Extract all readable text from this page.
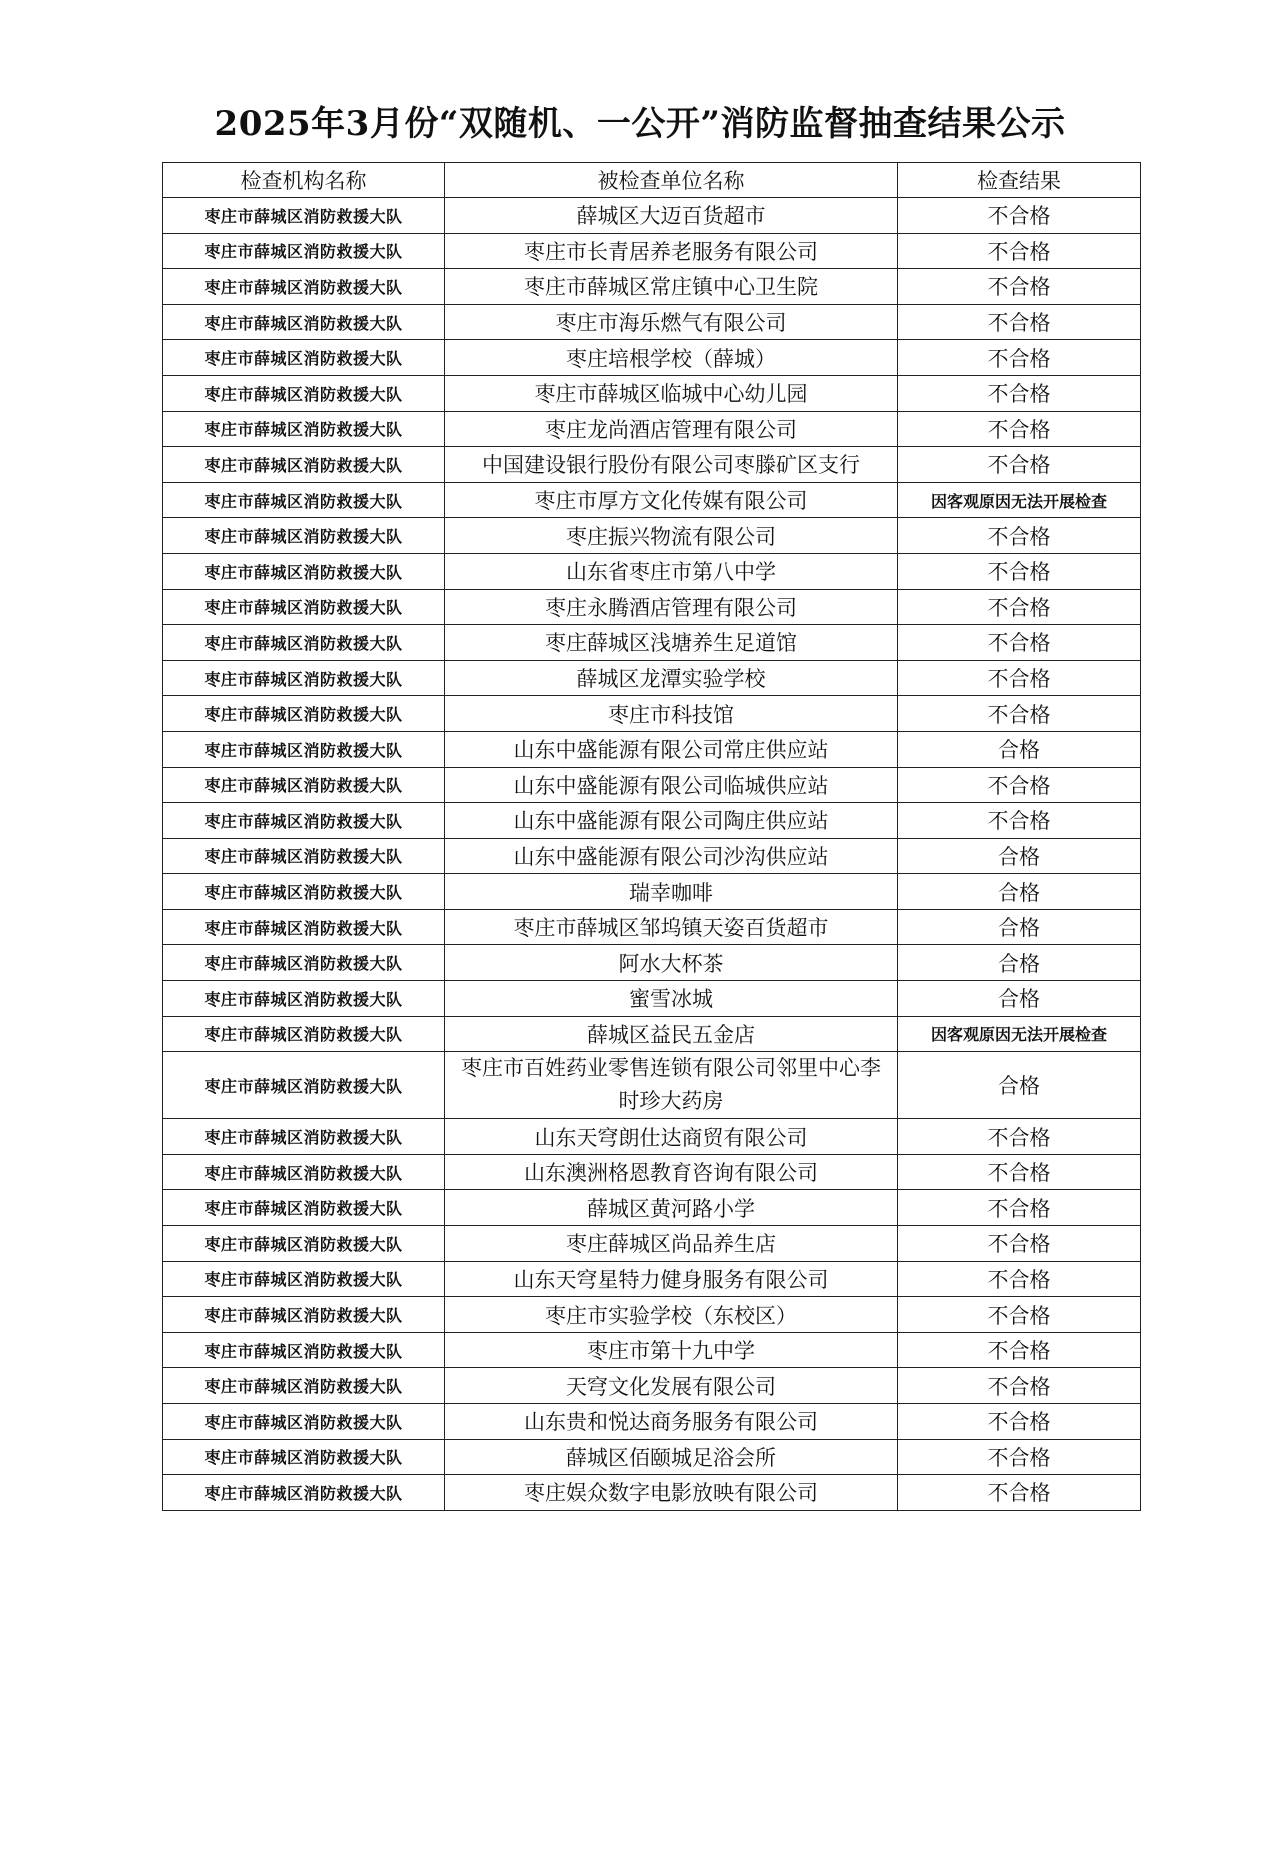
2025年3月份“双随机、一公开”消防监督抽查结果公示
检查机构名称	被检查单位名称	检查结果
枣庄市薛城区消防救援大队	薛城区大迈百货超市	不合格
枣庄市薛城区消防救援大队	枣庄市长青居养老服务有限公司	不合格
枣庄市薛城区消防救援大队	枣庄市薛城区常庄镇中心卫生院	不合格
枣庄市薛城区消防救援大队	枣庄市海乐燃气有限公司	不合格
枣庄市薛城区消防救援大队	枣庄培根学校（薛城）	不合格
枣庄市薛城区消防救援大队	枣庄市薛城区临城中心幼儿园	不合格
枣庄市薛城区消防救援大队	枣庄龙尚酒店管理有限公司	不合格
枣庄市薛城区消防救援大队	中国建设银行股份有限公司枣滕矿区支行	不合格
枣庄市薛城区消防救援大队	枣庄市厚方文化传媒有限公司	因客观原因无法开展检查
枣庄市薛城区消防救援大队	枣庄振兴物流有限公司	不合格
枣庄市薛城区消防救援大队	山东省枣庄市第八中学	不合格
枣庄市薛城区消防救援大队	枣庄永腾酒店管理有限公司	不合格
枣庄市薛城区消防救援大队	枣庄薛城区浅塘养生足道馆	不合格
枣庄市薛城区消防救援大队	薛城区龙潭实验学校	不合格
枣庄市薛城区消防救援大队	枣庄市科技馆	不合格
枣庄市薛城区消防救援大队	山东中盛能源有限公司常庄供应站	合格
枣庄市薛城区消防救援大队	山东中盛能源有限公司临城供应站	不合格
枣庄市薛城区消防救援大队	山东中盛能源有限公司陶庄供应站	不合格
枣庄市薛城区消防救援大队	山东中盛能源有限公司沙沟供应站	合格
枣庄市薛城区消防救援大队	瑞幸咖啡	合格
枣庄市薛城区消防救援大队	枣庄市薛城区邹坞镇天姿百货超市	合格
枣庄市薛城区消防救援大队	阿水大杯茶	合格
枣庄市薛城区消防救援大队	蜜雪冰城	合格
枣庄市薛城区消防救援大队	薛城区益民五金店	因客观原因无法开展检查
枣庄市薛城区消防救援大队	枣庄市百姓药业零售连锁有限公司邻里中心李时珍大药房	合格
枣庄市薛城区消防救援大队	山东天穹朗仕达商贸有限公司	不合格
枣庄市薛城区消防救援大队	山东澳洲格恩教育咨询有限公司	不合格
枣庄市薛城区消防救援大队	薛城区黄河路小学	不合格
枣庄市薛城区消防救援大队	枣庄薛城区尚品养生店	不合格
枣庄市薛城区消防救援大队	山东天穹星特力健身服务有限公司	不合格
枣庄市薛城区消防救援大队	枣庄市实验学校（东校区）	不合格
枣庄市薛城区消防救援大队	枣庄市第十九中学	不合格
枣庄市薛城区消防救援大队	天穹文化发展有限公司	不合格
枣庄市薛城区消防救援大队	山东贵和悦达商务服务有限公司	不合格
枣庄市薛城区消防救援大队	薛城区佰颐城足浴会所	不合格
枣庄市薛城区消防救援大队	枣庄娱众数字电影放映有限公司	不合格
